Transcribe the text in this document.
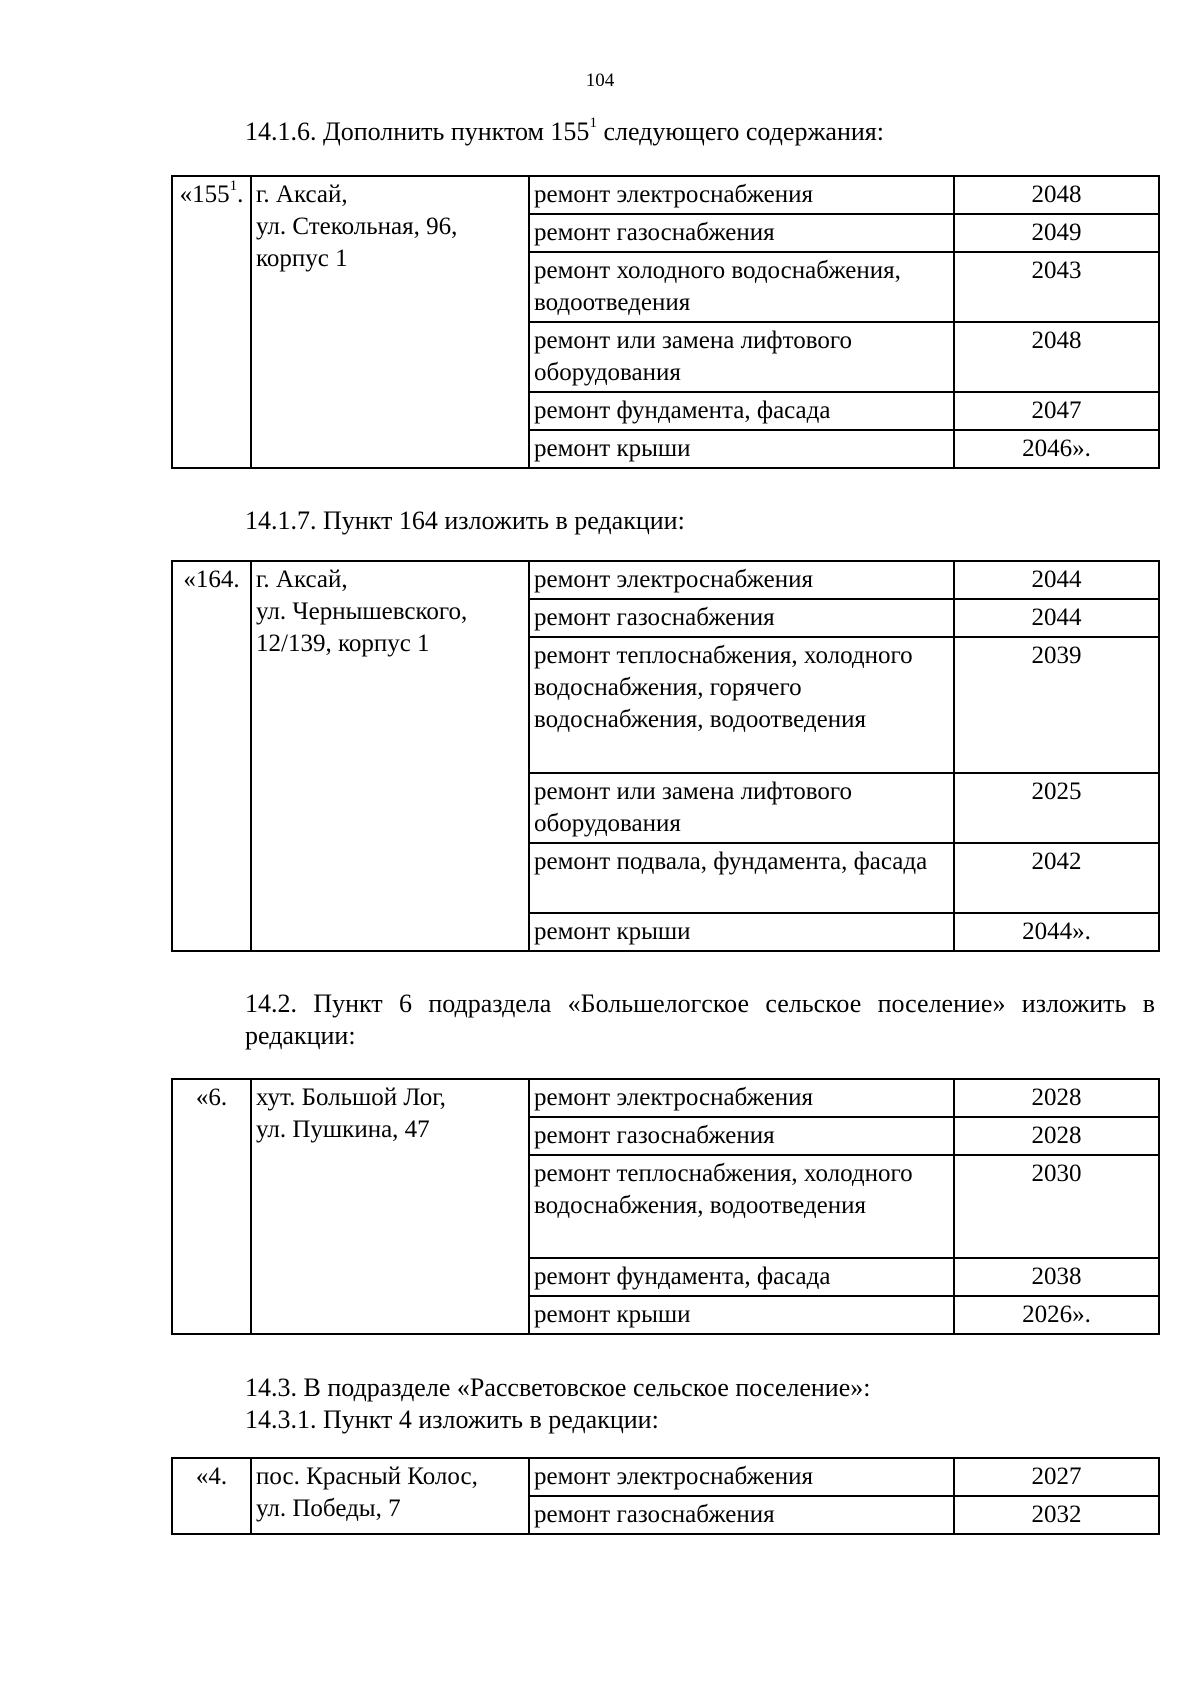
104
14.1.6. Дополнить пунктом $155^1$ следующего содержания:
«$155^1$.	г. Аксай,
ул. Стекольная, 96,
корпус 1	ремонт электроснабжения	2048
		ремонт газоснабжения	2049
		ремонт холодного водоснабжения, водоотведения	2043
		ремонт или замена лифтового оборудования	2048
		ремонт фундамента, фасада	2047
		ремонт крыши	2046».
14.1.7. Пункт 164 изложить в редакции:
«164.	г. Аксай,
ул. Чернышевского,
12/139, корпус 1	ремонт электроснабжения	2044
		ремонт газоснабжения	2044
		ремонт теплоснабжения, холодного водоснабжения, горячего водоснабжения, водоотведения	2039
		ремонт или замена лифтового оборудования	2025
		ремонт подвала, фундамента, фасада	2042
		ремонт крыши	2044».
14.2. Пункт 6 подраздела «Большелогское сельское поселение» изложить в редакции:
«6.	хут. Большой Лог,
ул. Пушкина, 47	ремонт электроснабжения	2028
		ремонт газоснабжения	2028
		ремонт теплоснабжения, холодного водоснабжения, водоотведения	2030
		ремонт фундамента, фасада	2038
		ремонт крыши	2026».
14.3. В подразделе «Рассветовское сельское поселение»:
14.3.1. Пункт 4 изложить в редакции:
«4.	пос. Красный Колос,
ул. Победы, 7	ремонт электроснабжения	2027
		ремонт газоснабжения	2032
